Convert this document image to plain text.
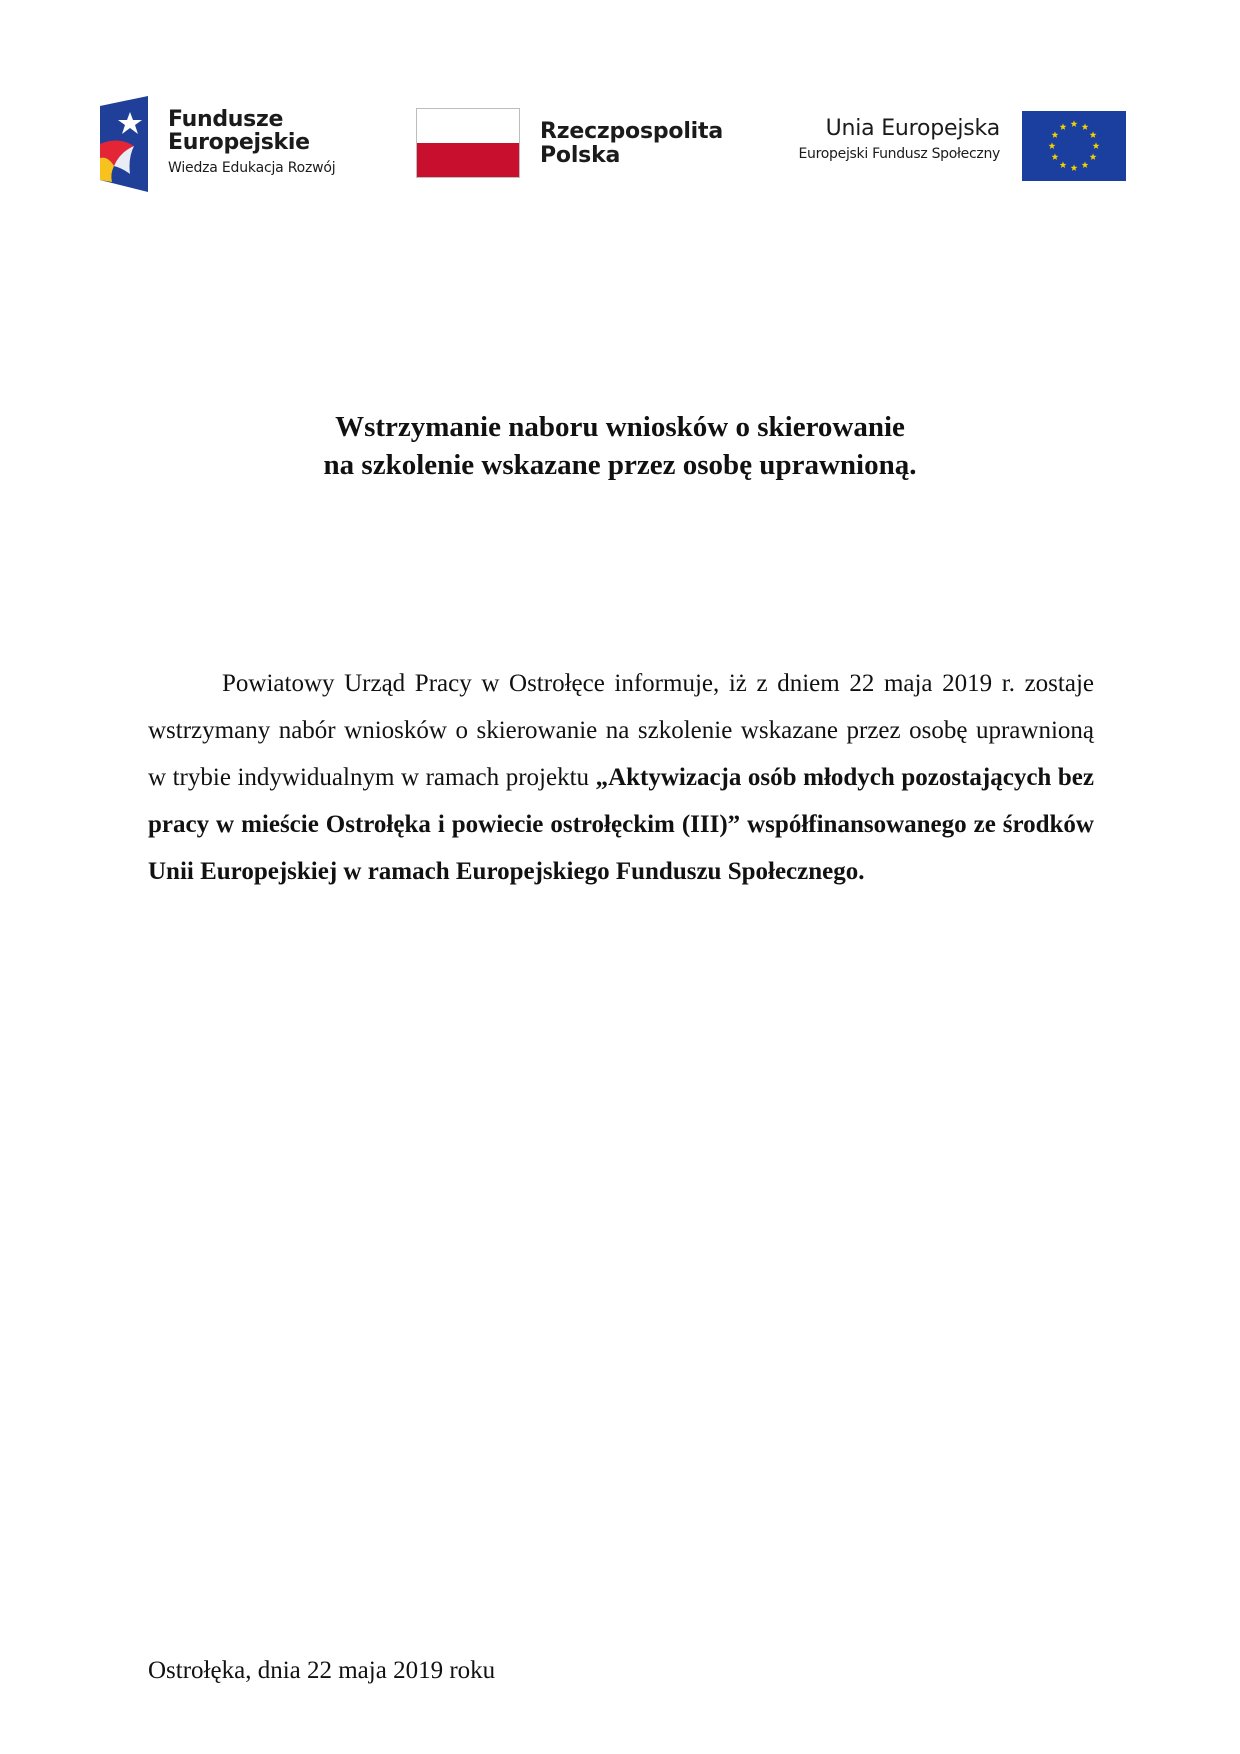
Fundusze
Europejskie
Wiedza Edukacja Rozwój
Rzeczpospolita
Polska
Unia Europejska
Europejski Fundusz Społeczny
Wstrzymanie naboru wniosków o skierowanie
na szkolenie wskazane przez osobę uprawnioną.

Powiatowy Urząd Pracy w Ostrołęce informuje, iż z dniem 22 maja 2019 r. zostaje wstrzymany nabór wniosków o skierowanie na szkolenie wskazane przez osobę uprawnioną w trybie indywidualnym w ramach projektu „Aktywizacja osób młodych pozostających bez pracy w mieście Ostrołęka i powiecie ostrołęckim (III)” współfinansowanego ze środków Unii Europejskiej w ramach Europejskiego Funduszu Społecznego.

Ostrołęka, dnia 22 maja 2019 roku
